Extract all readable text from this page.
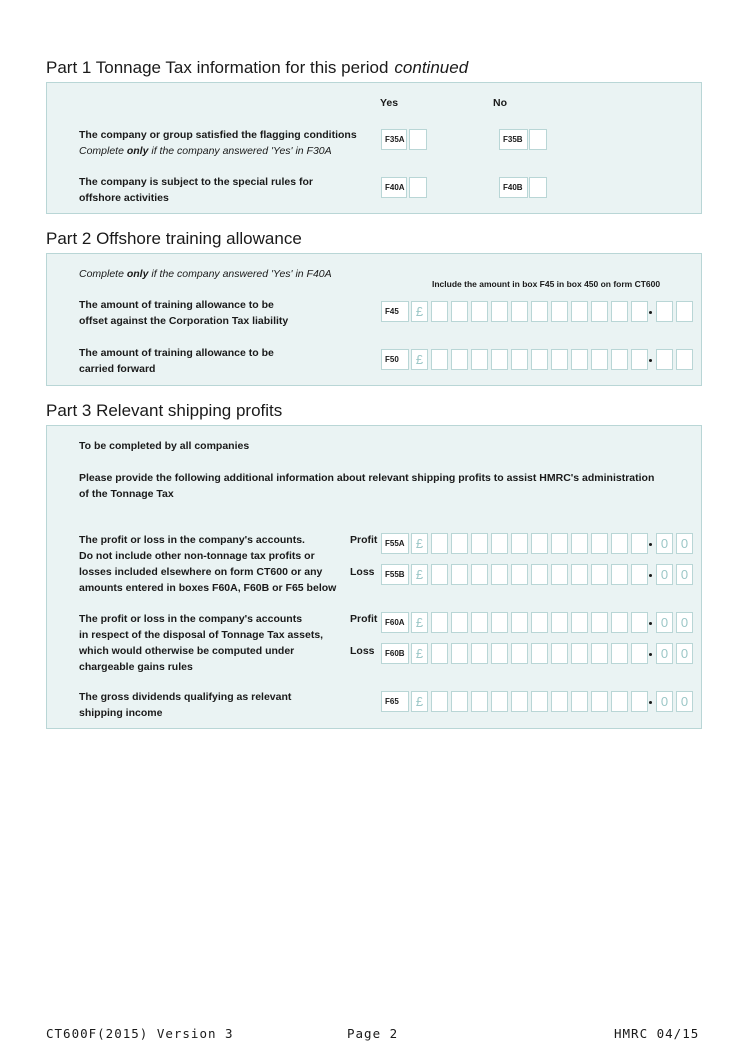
Part 1 Tonnage Tax information for this period continued
Yes	No
The company or group satisfied the flagging conditions
Complete only if the company answered 'Yes' in F30A
F35A	F35B
The company is subject to the special rules for
offshore activities
F40A	F40B
Part 2 Offshore training allowance
Complete only if the company answered 'Yes' in F40A
Include the amount in box F45 in box 450 on form CT600
The amount of training allowance to be
offset against the Corporation Tax liability
F45	£
The amount of training allowance to be
carried forward
F50	£
Part 3 Relevant shipping profits
To be completed by all companies
Please provide the following additional information about relevant shipping profits to assist HMRC's administration
of the Tonnage Tax
The profit or loss in the company's accounts.
Do not include other non-tonnage tax profits or
losses included elsewhere on form CT600 or any
amounts entered in boxes F60A, F60B or F65 below
Profit
Loss
F55A £	0 0
F55B £	0 0
The profit or loss in the company's accounts
in respect of the disposal of Tonnage Tax assets,
which would otherwise be computed under
chargeable gains rules
Profit
Loss
F60A £	0 0
F60B £	0 0
The gross dividends qualifying as relevant
shipping income
F65	£	0 0
CT600F(2015) Version 3	Page 2	HMRC 04/15
